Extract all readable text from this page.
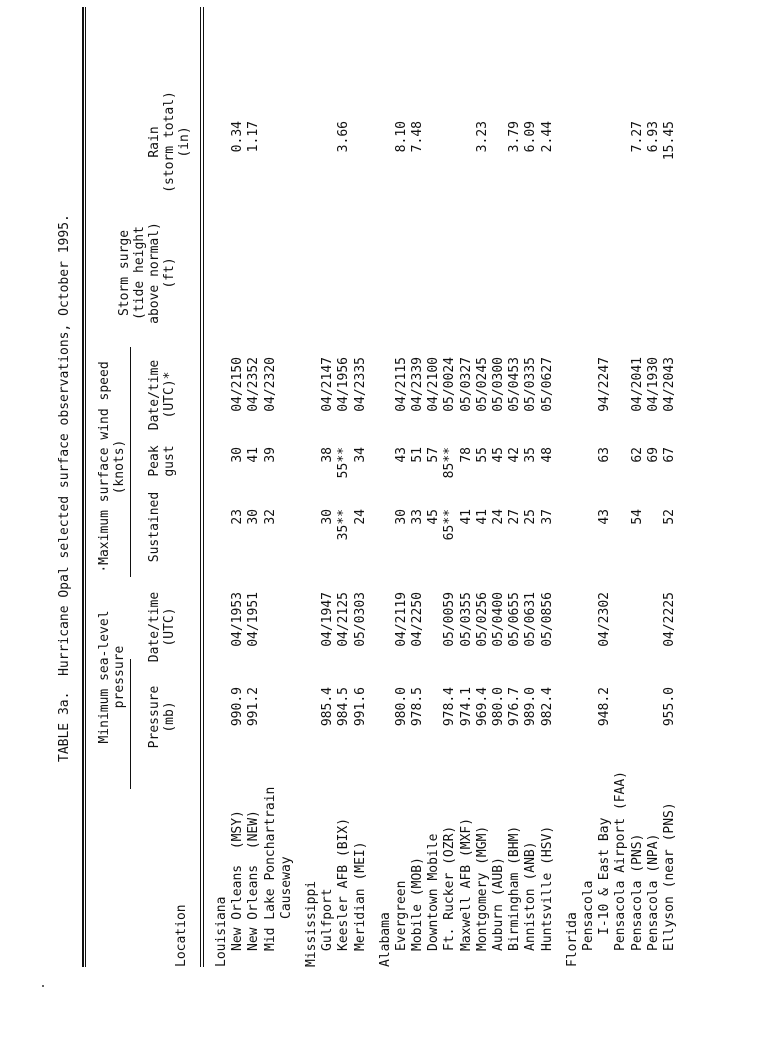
TABLE 3a.  Hurricane Opal selected surface observations, October 1995.
Location
Minimum sea-level pressure
Pressure (mb)
Date/time (UTC)
·Maximum surface wind speed (knots)
Sustained
Peak gust
Date/time (UTC)*
Storm surge (tide height above normal) (ft)
Rain (storm total) (in)
Louisiana New Orleans  (MSY)
990.9
04/1953
23
30
04/2150
0.34
New Orleans  (NEW)
991.2
04/1951
30
41
04/2352
1.17
Mid Lake Ponchartrain
32
39
04/2320
Causeway Mississippi Gulfport
985.4
04/1947
30
38
04/2147
Keesler AFB (BIX)
984.5
04/2125
35**
55**
04/1956
3.66
Meridian (MEI)
991.6
05/0303
24
34
04/2335
Alabama Evergreen
980.0
04/2119
30
43
04/2115
8.10
Mobile (MOB)
978.5
04/2250
33
51
04/2339
7.48
Downtown Mobile
45
57
04/2100
Ft. Rucker (OZR)
978.4
05/0059
65**
85**
05/0024
Maxwell AFB (MXF)
974.1
05/0355
41
78
05/0327
Montgomery (MGM)
969.4
05/0256
41
55
05/0245
3.23
Auburn (AUB)
980.0
05/0400
24
45
05/0300
Birmingham (BHM)
976.7
05/0655
27
42
05/0453
3.79
Anniston (ANB)
989.0
05/0631
25
35
05/0335
6.09
Huntsville (HSV)
982.4
05/0856
37
48
05/0627
2.44
Florida Pensacola I-10 & East Bay
948.2
04/2302
43
63
94/2247
Pensacola Airport (FAA) Pensacola (PNS)
54
62
04/2041
7.27
Pensacola (NPA)
69
04/1930
6.93
Ellyson (near (PNS)
955.0
04/2225
52
67
04/2043
15.45
